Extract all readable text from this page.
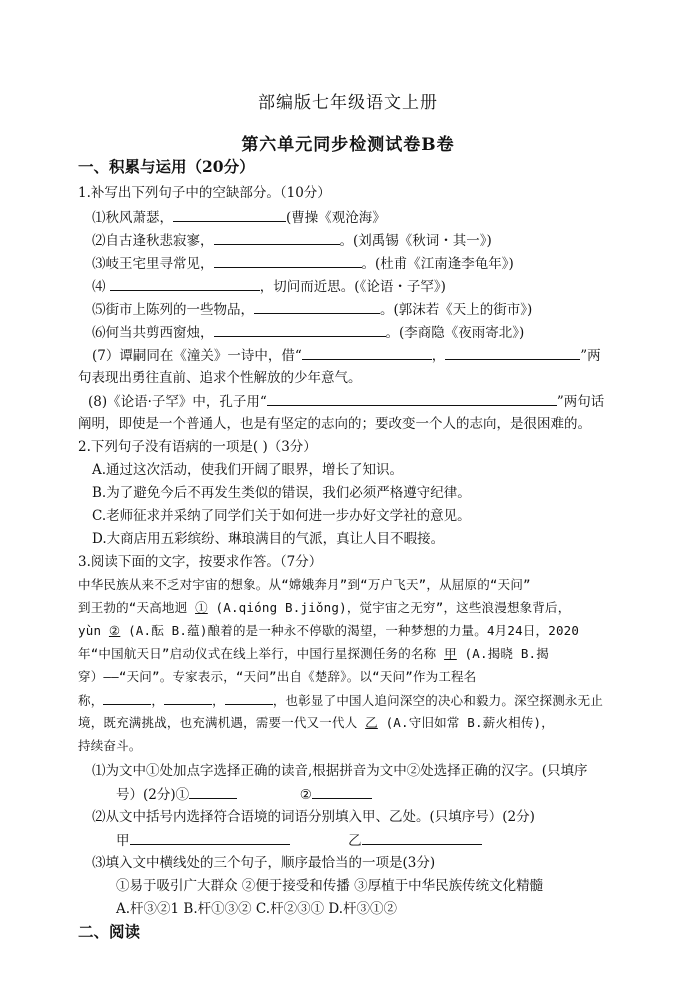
部编版七年级语文上册
第六单元同步检测试卷B卷
一、积累与运用（20分）
1.补写出下列句子中的空缺部分。（10分）
⑴秋风萧瑟，	(曹操《观沧海》
⑵自古逢秋悲寂寥，	。(刘禹锡《秋词・其一》)
⑶岐王宅里寻常见，	。(杜甫《江南逢李龟年》)
⑷	，切问而近思。(《论语・子罕》)
⑸街市上陈列的一些物品，	。(郭沫若《天上的街市》)
⑹何当共剪西窗烛，	。(李商隐《夜雨寄北》)
(7）谭嗣同在《潼关》一诗中，借“	，	”两
句表现出勇往直前、追求个性解放的少年意气。
(8)《论语·子罕》中，孔子用“	”两句话
阐明，即使是一个普通人，也是有坚定的志向的；要改变一个人的志向，是很困难的。
2.下列句子没有语病的一项是( )（3分）
A.通过这次活动，使我们开阔了眼界，增长了知识。
B.为了避免今后不再发生类似的错误，我们必须严格遵守纪律。
C.老师征求并采纳了同学们关于如何进一步办好文学社的意见。
D.大商店用五彩缤纷、琳琅满目的气派，真让人目不暇接。
3.阅读下面的文字，按要求作答。（7分）
中华民族从来不乏对宇宙的想象。从“嫦娥奔月”到“万户飞天”，从屈原的“天问”
到王勃的“天高地迥 ① (A.qióng B.jiǒng)，觉宇宙之无穷”，这些浪漫想象背后，
yùn ② (A.酝 B.蕴)酿着的是一种永不停歇的渴望，一种梦想的力量。4月24日，2020
年“中国航天日”启动仪式在线上举行，中国行星探测任务的名称 甲 (A.揭晓 B.揭
穿）——“天问”。专家表示，“天问”出自《楚辞》。以“天问”作为工程名
称，	，	，	，也彰显了中国人追问深空的决心和毅力。深空探测永无止
境，既充满挑战，也充满机遇，需要一代又一代人 乙 (A.守旧如常 B.薪火相传)，
持续奋斗。
⑴为文中①处加点字选择正确的读音,根据拼音为文中②处选择正确的汉字。(只填序
号）(2分)①	②
⑵从文中括号内选择符合语境的词语分别填入甲、乙处。(只填序号）(2分)
甲	乙
⑶填入文中横线处的三个句子，顺序最恰当的一项是(3分)
①易于吸引广大群众 ②便于接受和传播 ③厚植于中华民族传统文化精髓
A.杆③②1 B.杆①③② C.杆②③① D.杆③①②
二、阅读
